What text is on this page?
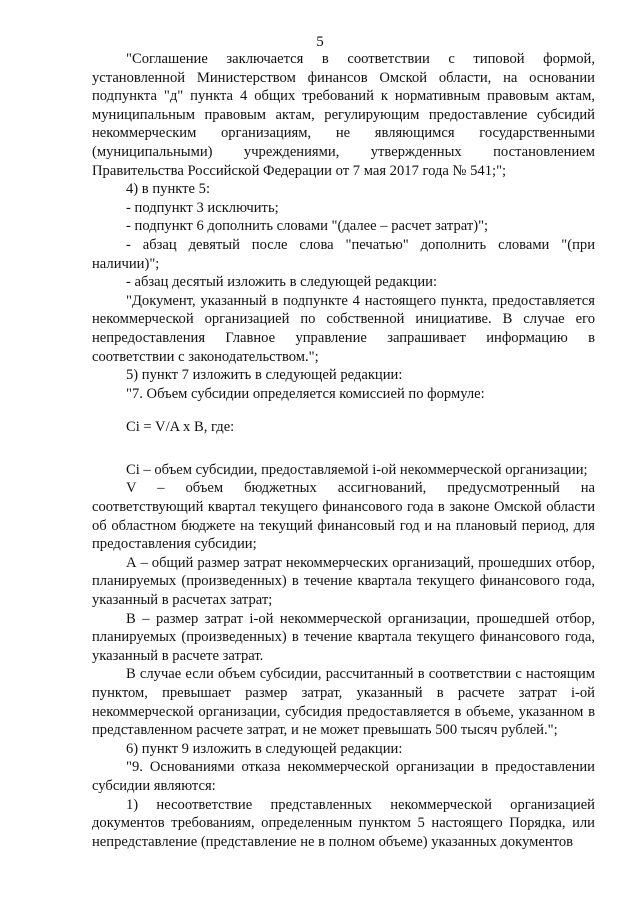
5

"Соглашение заключается в соответствии с типовой формой, установленной Министерством финансов Омской области, на основании подпункта "д" пункта 4 общих требований к нормативным правовым актам, муниципальным правовым актам, регулирующим предоставление субсидий некоммерческим организациям, не являющимся государственными (муниципальными) учреждениями, утвержденных постановлением Правительства Российской Федерации от 7 мая 2017 года № 541;";

4) в пункте 5:

- подпункт 3 исключить;

- подпункт 6 дополнить словами "(далее – расчет затрат)";

- абзац девятый после слова "печатью" дополнить словами "(при наличии)";

- абзац десятый изложить в следующей редакции:

"Документ, указанный в подпункте 4 настоящего пункта, предоставляется некоммерческой организацией по собственной инициативе. В случае его непредоставления Главное управление запрашивает информацию в соответствии с законодательством.";

5) пункт 7 изложить в следующей редакции:

"7. Объем субсидии определяется комиссией по формуле:

Ci = V/A x B, где:

Ci – объем субсидии, предоставляемой i-ой некоммерческой организации;

V – объем бюджетных ассигнований, предусмотренный на соответствующий квартал текущего финансового года в законе Омской области об областном бюджете на текущий финансовый год и на плановый период, для предоставления субсидии;

А – общий размер затрат некоммерческих организаций, прошедших отбор, планируемых (произведенных) в течение квартала текущего финансового года, указанный в расчетах затрат;

В – размер затрат i-ой некоммерческой организации, прошедшей отбор, планируемых (произведенных) в течение квартала текущего финансового года, указанный в расчете затрат.

В случае если объем субсидии, рассчитанный в соответствии с настоящим пунктом, превышает размер затрат, указанный в расчете затрат i-ой некоммерческой организации, субсидия предоставляется в объеме, указанном в представленном расчете затрат, и не может превышать 500 тысяч рублей.";

6) пункт 9 изложить в следующей редакции:

"9. Основаниями отказа некоммерческой организации в предоставлении субсидии являются:

1) несоответствие представленных некоммерческой организацией документов требованиям, определенным пунктом 5 настоящего Порядка, или непредставление (представление не в полном объеме) указанных документов
